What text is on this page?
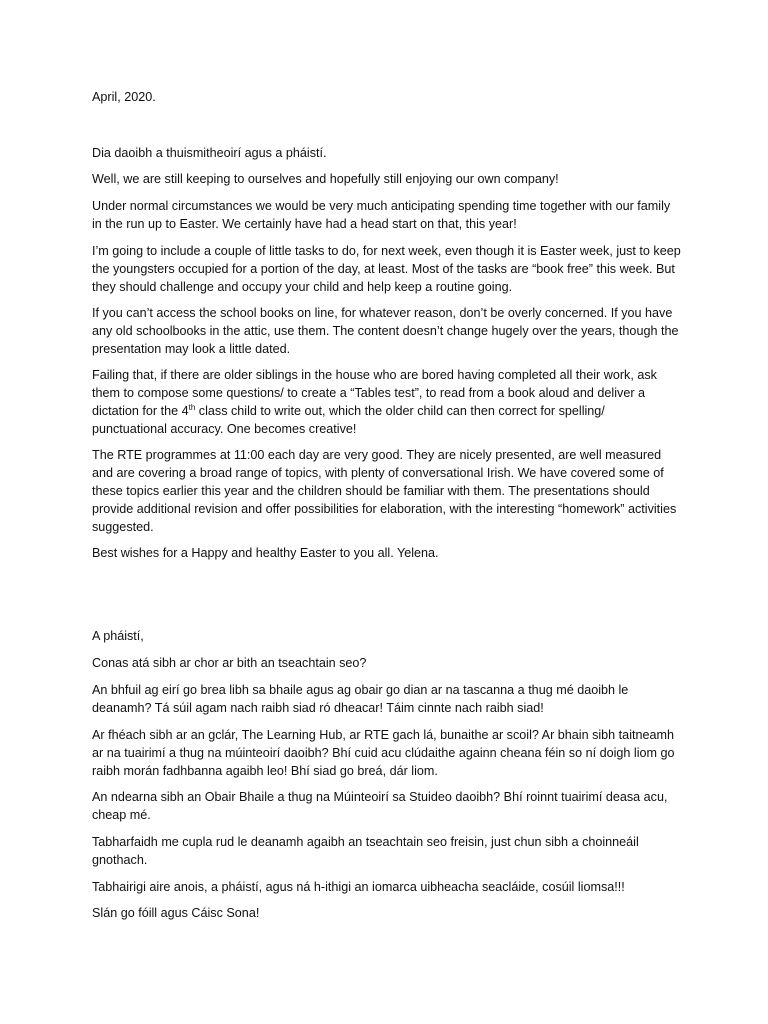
April, 2020.

Dia daoibh a thuismitheoirí agus a pháistí.

Well, we are still keeping to ourselves and hopefully still enjoying our own company!

Under normal circumstances we would be very much anticipating spending time together with our family in the run up to Easter. We certainly have had a head start on that, this year!

I’m going to include a couple of little tasks to do, for next week, even though it is Easter week, just to keep the youngsters occupied for a portion of the day, at least. Most of the tasks are “book free” this week. But they should challenge and occupy your child and help keep a routine going.

If you can’t access the school books on line, for whatever reason, don’t be overly concerned. If you have any old schoolbooks in the attic, use them. The content doesn’t change hugely over the years, though the presentation may look a little dated.

Failing that, if there are older siblings in the house who are bored having completed all their work, ask them to compose some questions/ to create a “Tables test”, to read from a book aloud and deliver a dictation for the 4th class child to write out, which the older child can then correct for spelling/ punctuational accuracy. One becomes creative!

The RTE programmes at 11:00 each day are very good. They are nicely presented, are well measured and are covering a broad range of topics, with plenty of conversational Irish. We have covered some of these topics earlier this year and the children should be familiar with them. The presentations should provide additional revision and offer possibilities for elaboration, with the interesting “homework” activities suggested.

Best wishes for a Happy and healthy Easter to you all. Yelena.

A pháistí,

Conas atá sibh ar chor ar bith an tseachtain seo?

An bhfuil ag eirí go brea libh sa bhaile agus ag obair go dian ar na tascanna a thug mé daoibh le deanamh? Tá súil agam nach raibh siad ró dheacar! Táim cinnte nach raibh siad!

Ar fhéach sibh ar an gclár, The Learning Hub, ar RTE gach lá, bunaithe ar scoil? Ar bhain sibh taitneamh ar na tuairimí a thug na múinteoirí daoibh? Bhí cuid acu clúdaithe againn cheana féin so ní doigh liom go raibh morán fadhbanna agaibh leo! Bhí siad go breá, dár liom.

An ndearna sibh an Obair Bhaile a thug na Múinteoirí sa Stuideo daoibh? Bhí roinnt tuairimí deasa acu, cheap mé.

Tabharfaidh me cupla rud le deanamh agaibh an tseachtain seo freisin, just chun sibh a choinneáil gnothach.

Tabhairigi aire anois, a pháistí, agus ná h-ithigi an iomarca uibheacha seacláide, cosúil liomsa!!!

Slán go fóill agus Cáisc Sona!
